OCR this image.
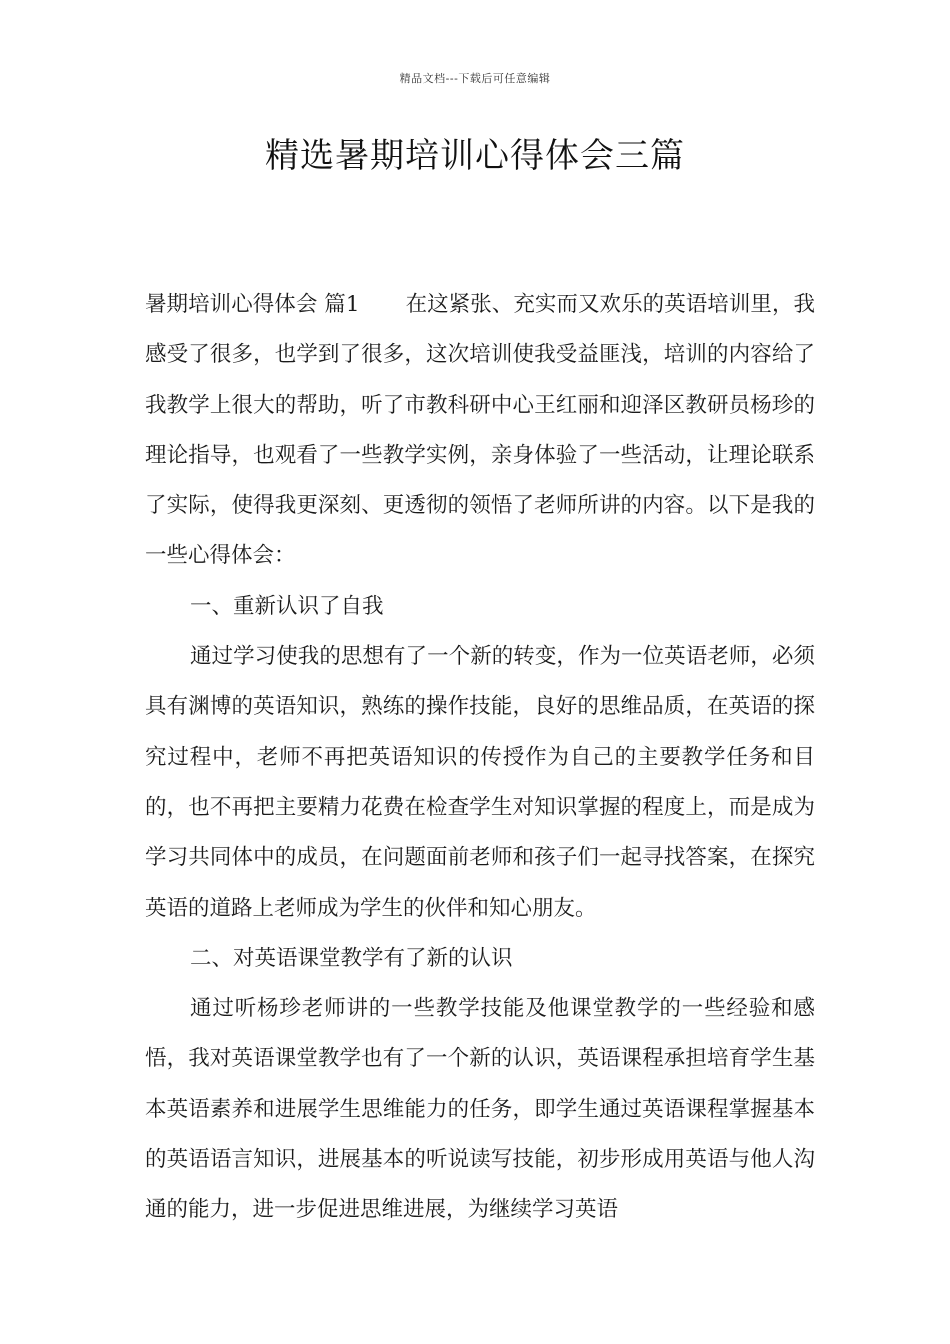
精品文档---下载后可任意编辑
精选暑期培训心得体会三篇

暑期培训心得体会 篇1 在这紧张、充实而又欢乐的英语培训里，我感受了很多，也学到了很多，这次培训使我受益匪浅，培训的内容给了我教学上很大的帮助，听了市教科研中心王红丽和迎泽区教研员杨珍的理论指导，也观看了一些教学实例，亲身体验了一些活动，让理论联系了实际，使得我更深刻、更透彻的领悟了老师所讲的内容。以下是我的一些心得体会：

一、重新认识了自我

通过学习使我的思想有了一个新的转变，作为一位英语老师，必须具有渊博的英语知识，熟练的操作技能，良好的思维品质，在英语的探究过程中，老师不再把英语知识的传授作为自己的主要教学任务和目的，也不再把主要精力花费在检查学生对知识掌握的程度上，而是成为学习共同体中的成员，在问题面前老师和孩子们一起寻找答案，在探究英语的道路上老师成为学生的伙伴和知心朋友。

二、对英语课堂教学有了新的认识

通过听杨珍老师讲的一些教学技能及他课堂教学的一些经验和感悟，我对英语课堂教学也有了一个新的认识，英语课程承担培育学生基本英语素养和进展学生思维能力的任务，即学生通过英语课程掌握基本的英语语言知识，进展基本的听说读写技能，初步形成用英语与他人沟通的能力，进一步促进思维进展，为继续学习英语
